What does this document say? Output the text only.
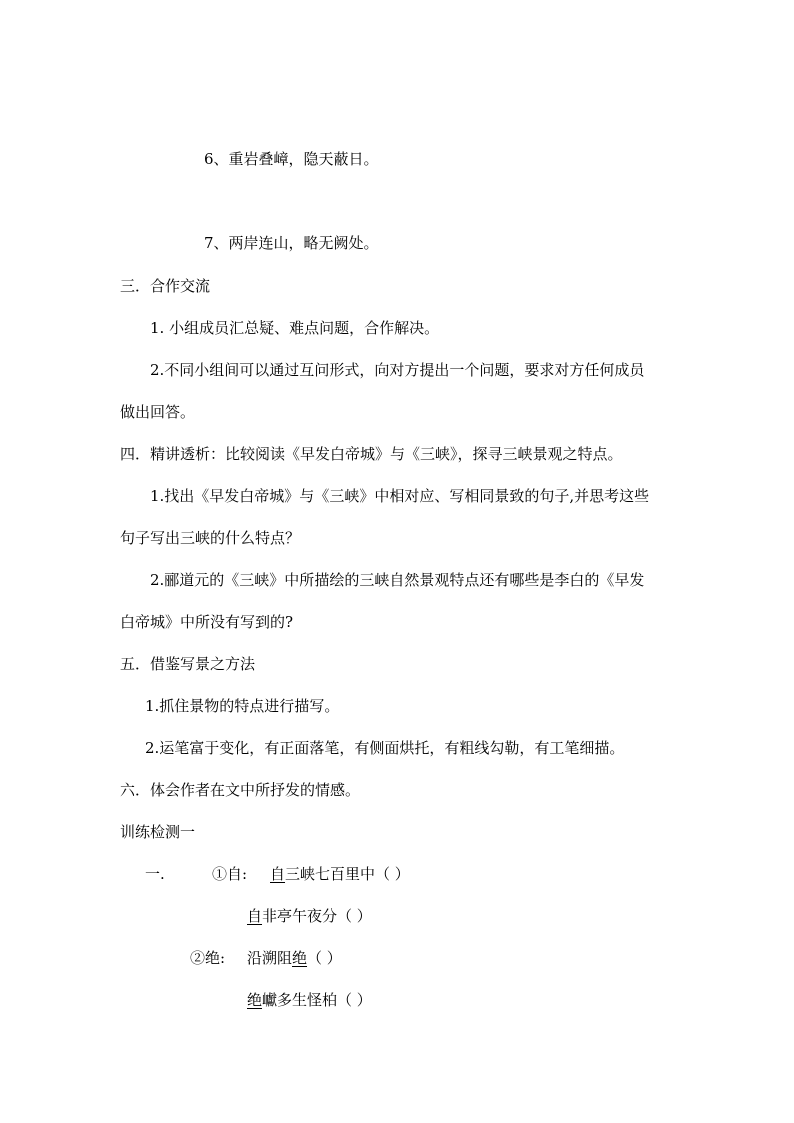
6、重岩叠嶂，隐天蔽日。
7、两岸连山，略无阙处。
三．合作交流
1. 小组成员汇总疑、难点问题，合作解决。
2.不同小组间可以通过互问形式，向对方提出一个问题，要求对方任何成员
做出回答。
四．精讲透析：比较阅读《早发白帝城》与《三峡》，探寻三峡景观之特点。
1.找出《早发白帝城》与《三峡》中相对应、写相同景致的句子,并思考这些
句子写出三峡的什么特点？
2.郦道元的《三峡》中所描绘的三峡自然景观特点还有哪些是李白的《早发
白帝城》中所没有写到的?
五．借鉴写景之方法
1.抓住景物的特点进行描写。
2.运笔富于变化，有正面落笔，有侧面烘托，有粗线勾勒，有工笔细描。
六．体会作者在文中所抒发的情感。
训练检测一
一.	①自: 自三峡七百里中（ ）
自非亭午夜分（ ）
②绝: 沿溯阻绝（ ）
绝巘多生怪柏（ ）
